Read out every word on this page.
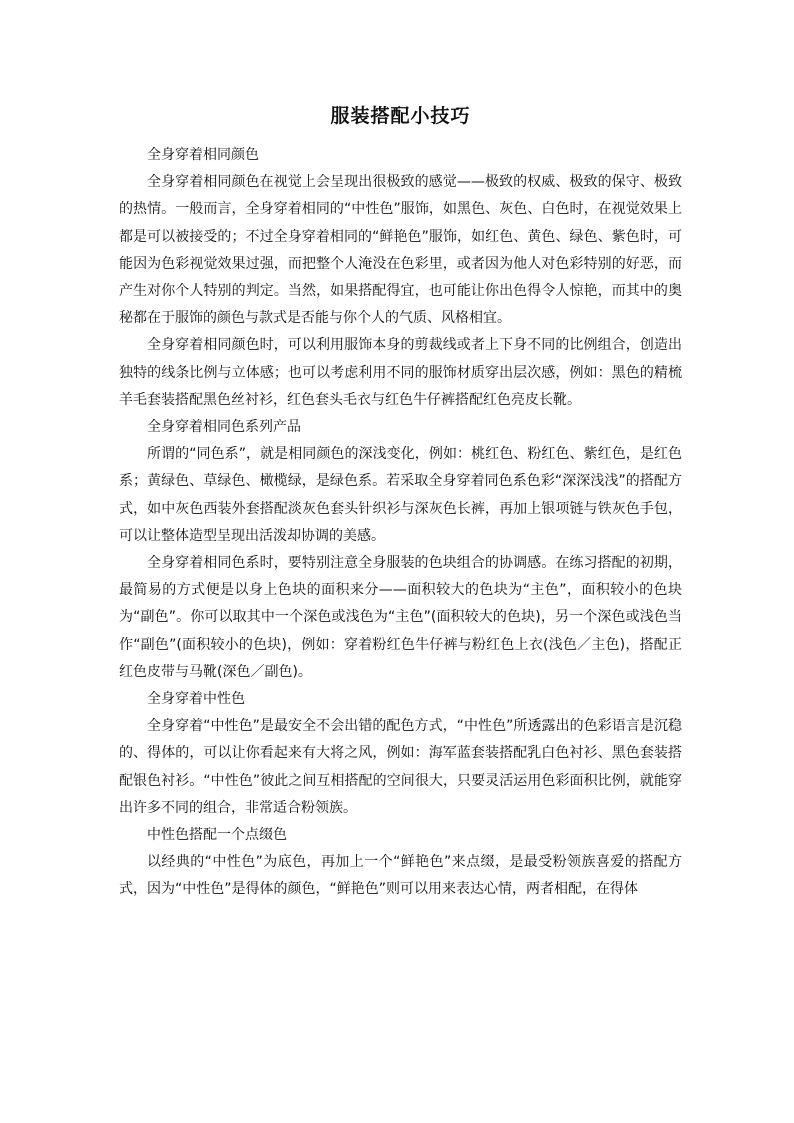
服装搭配小技巧

全身穿着相同颜色

全身穿着相同颜色在视觉上会呈现出很极致的感觉——极致的权威、极致的保守、极致的热情。一般而言，全身穿着相同的“中性色”服饰，如黑色、灰色、白色时，在视觉效果上都是可以被接受的；不过全身穿着相同的“鲜艳色”服饰，如红色、黄色、绿色、紫色时，可能因为色彩视觉效果过强，而把整个人淹没在色彩里，或者因为他人对色彩特别的好恶，而产生对你个人特别的判定。当然，如果搭配得宜，也可能让你出色得令人惊艳，而其中的奥秘都在于服饰的颜色与款式是否能与你个人的气质、风格相宜。

全身穿着相同颜色时，可以利用服饰本身的剪裁线或者上下身不同的比例组合，创造出独特的线条比例与立体感；也可以考虑利用不同的服饰材质穿出层次感，例如：黑色的精梳羊毛套装搭配黑色丝衬衫，红色套头毛衣与红色牛仔裤搭配红色亮皮长靴。

全身穿着相同色系列产品

所谓的“同色系”，就是相同颜色的深浅变化，例如：桃红色、粉红色、紫红色，是红色系；黄绿色、草绿色、橄榄绿，是绿色系。若采取全身穿着同色系色彩“深深浅浅”的搭配方式，如中灰色西装外套搭配淡灰色套头针织衫与深灰色长裤，再加上银项链与铁灰色手包，可以让整体造型呈现出活泼却协调的美感。

全身穿着相同色系时，要特别注意全身服装的色块组合的协调感。在练习搭配的初期，最简易的方式便是以身上色块的面积来分——面积较大的色块为“主色”，面积较小的色块为“副色”。你可以取其中一个深色或浅色为“主色”(面积较大的色块)，另一个深色或浅色当作“副色”(面积较小的色块)，例如：穿着粉红色牛仔裤与粉红色上衣(浅色／主色)，搭配正红色皮带与马靴(深色／副色)。

全身穿着中性色

全身穿着“中性色”是最安全不会出错的配色方式，“中性色”所透露出的色彩语言是沉稳的、得体的，可以让你看起来有大将之风，例如：海军蓝套装搭配乳白色衬衫、黑色套装搭配银色衬衫。“中性色”彼此之间互相搭配的空间很大，只要灵活运用色彩面积比例，就能穿出许多不同的组合，非常适合粉领族。

中性色搭配一个点缀色

以经典的“中性色”为底色，再加上一个“鲜艳色”来点缀，是最受粉领族喜爱的搭配方式，因为“中性色”是得体的颜色，“鲜艳色”则可以用来表达心情，两者相配，在得体
